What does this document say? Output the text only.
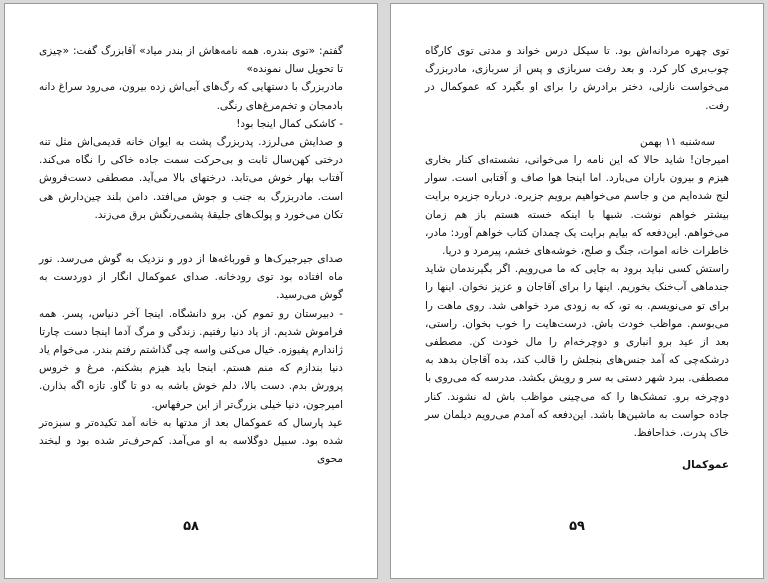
گفتم: «توی بندره. همه نامه‌هاش از بندر میاد» آقابزرگ گفت: «چیزی تا تحویل سال نمونده»

مادربزرگ با دستهایی که رگ‌های آبی‌اش زده بیرون، می‌رود سراغ دانه بادمجان و تخم‌مرغ‌های رنگی.

- کاشکی کمال اینجا بود!

و صدایش می‌لرزد. پدربزرگ پشت به ایوان خانه قدیمی‌اش مثل تنه درختی کهن‌سال ثابت و بی‌حرکت سمت جاده خاکی را نگاه می‌کند. آفتاب بهار خوش می‌تابد. درختهای بالا می‌آید. مصطفی دست‌فروش است. مادربزرگ به جنب و جوش می‌افتد. دامن بلند چین‌دارش هی تکان می‌خورد و پولک‌های جلیقهٔ پشمی‌رنگش برق می‌زند.

صدای جیرجیرک‌ها و قورباغه‌ها از دور و نزدیک به گوش می‌رسد. نور ماه افتاده بود توی رودخانه. صدای عموکمال انگار از دوردست به گوش می‌رسید.

- دبیرستان رو تموم کن. برو دانشگاه. اینجا آخر دنیاس، پسر. همه فراموش شدیم. از یاد دنیا رفتیم. زندگی و مرگ آدما اینجا دست چارتا ژاندارم پفیوزه. خیال می‌کنی واسه چی گذاشتم رفتم بندر. می‌خوام یاد دنیا بندازم که منم هستم. اینجا باید هیزم بشکنم. مرغ و خروس پرورش بدم. دست بالا، دلم خوش باشه به دو تا گاو. تازه اگه بذارن. امیرجون، دنیا خیلی بزرگ‌تر از این حرفهاس.

عید پارسال که عموکمال بعد از مدتها به خانه آمد تکیده‌تر و سبزه‌تر شده بود. سبیل دوگلاسه به او می‌آمد. کم‌حرف‌تر شده بود و لبخند محوی

۵۸

توی چهره مردانه‌اش بود. تا سیکل درس خواند و مدتی توی کارگاه چوب‌بری کار کرد. و بعد رفت سربازی و پس از سربازی، مادربزرگ می‌خواست نازلی، دختر برادرش را برای او بگیرد که عموکمال در رفت.

سه‌شنبه ۱۱ بهمن

امیرجان! شاید حالا که این نامه را می‌خوانی، نشسته‌ای کنار بخاری هیزم و بیرون باران می‌بارد. اما اینجا هوا صاف و آفتابی است. سوار لنج شده‌ایم من و جاسم می‌خواهیم برویم جزیره. درباره جزیره برایت بیشتر خواهم نوشت. شبها با اینکه خسته هستم باز هم زمان می‌خواهم. این‌دفعه که بیایم برایت یک چمدان کتاب خواهم آورد: مادر، خاطرات خانه اموات، جنگ و صلح، خوشه‌های خشم، پیرمرد و دریا.

راستش کسی نباید برود به جایی که ما می‌رویم. اگر بگیرندمان شاید جندماهی آب‌خنک بخوریم. اینها را برای آقاجان و عزیز نخوان. اینها را برای تو می‌نویسم. به تو، که به زودی مرد خواهی شد. روی ماهت را می‌بوسم. مواظب خودت باش. درست‌هایت را خوب بخوان. راستی، بعد از عید برو انباری و دوچرخه‌ام را مال خودت کن. مصطفی درشکه‌چی که آمد جنس‌های بنجلش را قالب کند، بده آقاجان بدهد به مصطفی. ببرد شهر دستی به سر و رویش بکشد. مدرسه که می‌روی با دوچرخه برو. تمشک‌ها را که می‌چینی مواظب باش له نشوند. کنار جاده حواست به ماشین‌ها باشد. این‌دفعه که آمدم می‌رویم دیلمان سر خاک پدرت. خداحافظ.

عموکمال

۵۹
